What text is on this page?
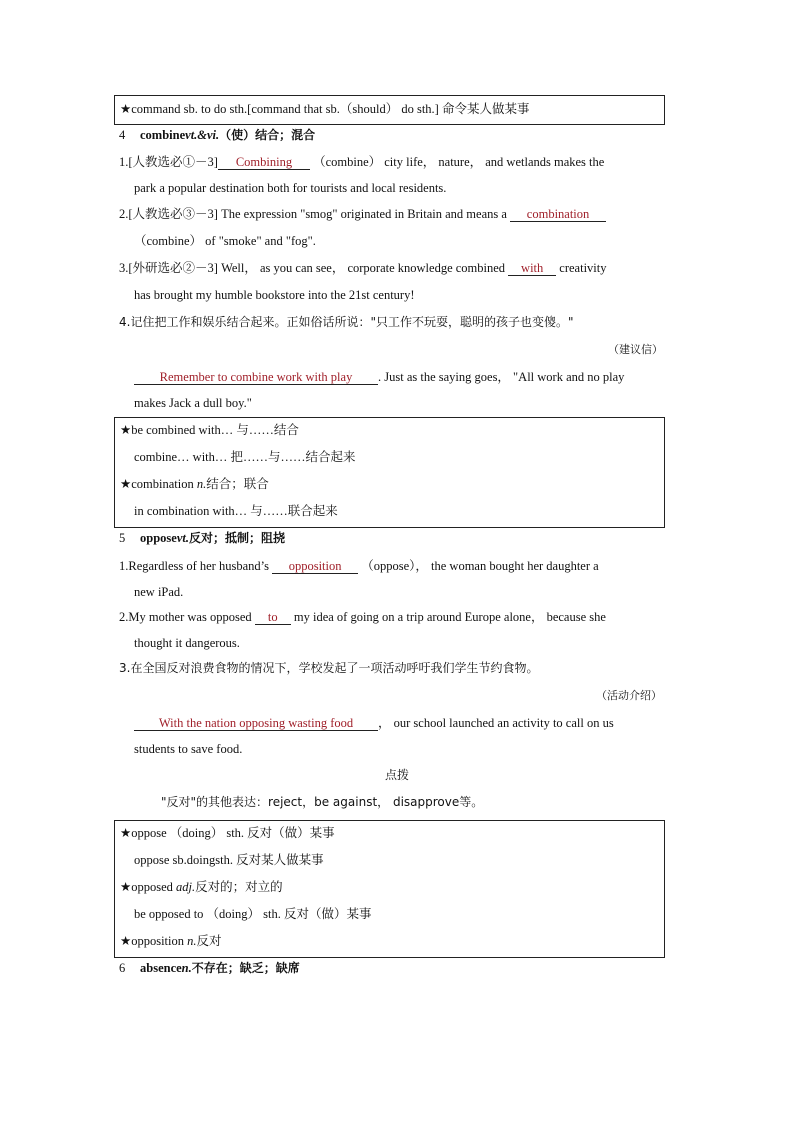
★command sb. to do sth.[command that sb.（should） do sth.] 命令某人做某事
4 combinevt.&vi.（使）结合；混合
1.[人教选必①－3] Combining （combine） city life， nature， and wetlands makes the
park a popular destination both for tourists and local residents.
2.[人教选必③－3] The expression "smog" originated in Britain and means a combination
（combine） of "smoke" and "fog".
3.[外研选必②－3] Well， as you can see， corporate knowledge combined with creativity
has brought my humble bookstore into the 21st century!
4.记住把工作和娱乐结合起来。正如俗话所说："只工作不玩耍，聪明的孩子也变傻。"
（建议信）
Remember to combine work with play . Just as the saying goes， "All work and no play
makes Jack a dull boy."
★be combined with… 与……结合
combine… with… 把……与……结合起来
★combination n.结合；联合
in combination with… 与……联合起来
5 opposevt.反对；抵制；阻挠
1.Regardless of her husband’s opposition （oppose）， the woman bought her daughter a
new iPad.
2.My mother was opposed to my idea of going on a trip around Europe alone， because she
thought it dangerous.
3.在全国反对浪费食物的情况下，学校发起了一项活动呼吁我们学生节约食物。
（活动介绍）
With the nation opposing wasting food ， our school launched an activity to call on us
students to save food.
点拨
"反对"的其他表达：reject，be against， disapprove等。
★oppose （doing） sth. 反对（做）某事
oppose sb.doingsth. 反对某人做某事
★opposed adj.反对的；对立的
be opposed to （doing） sth. 反对（做）某事
★opposition n.反对
6 absencen.不存在；缺乏；缺席
